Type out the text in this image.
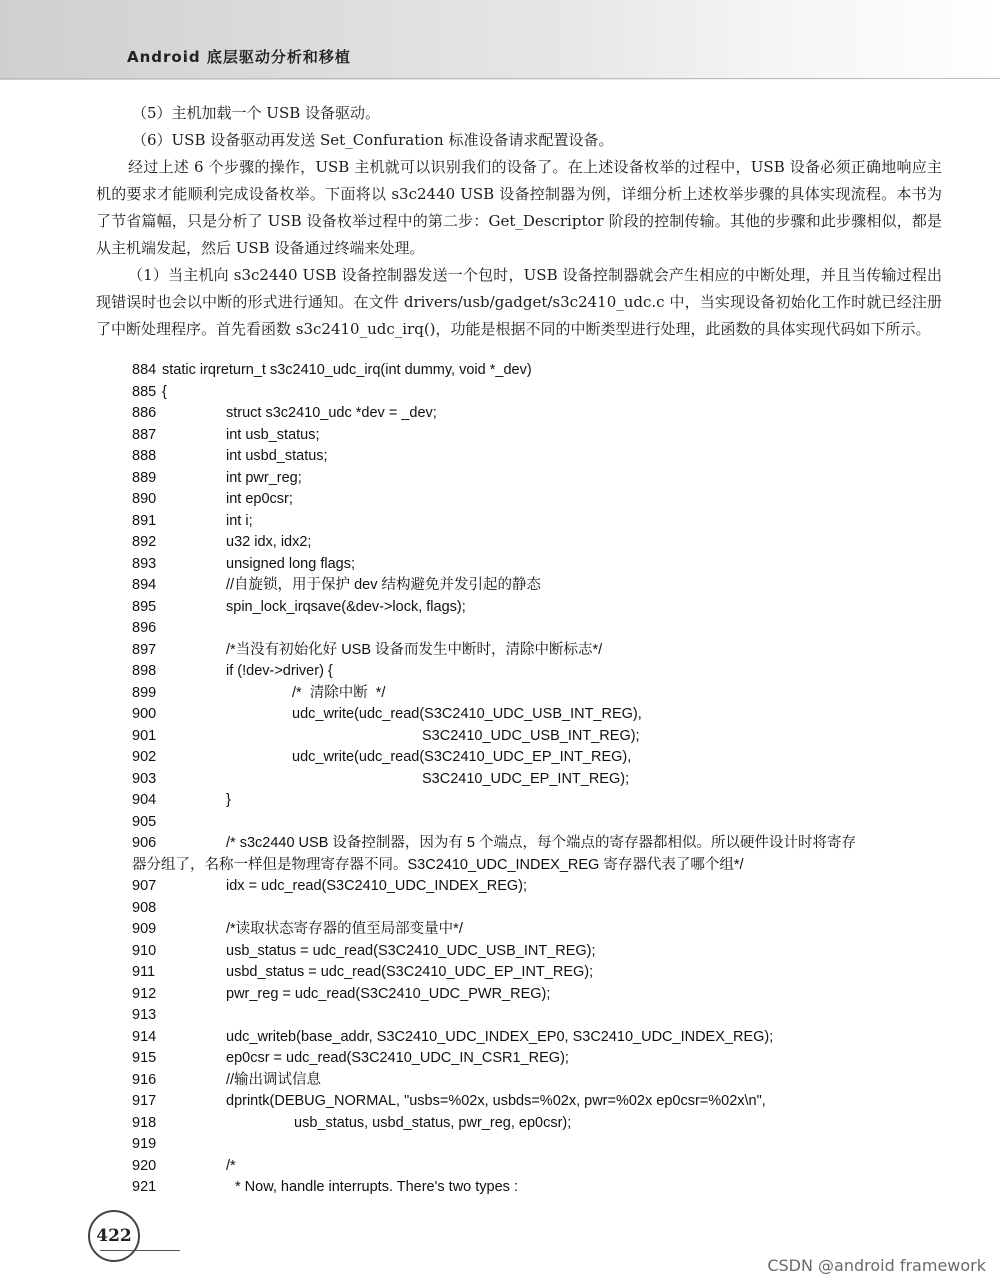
Android 底层驱动分析和移植
（5）主机加载一个 USB 设备驱动。
（6）USB 设备驱动再发送 Set_Confuration 标准设备请求配置设备。
经过上述 6 个步骤的操作，USB 主机就可以识别我们的设备了。在上述设备枚举的过程中，USB 设备必须正确地响应主机的要求才能顺利完成设备枚举。下面将以 s3c2440 USB 设备控制器为例，详细分析上述枚举步骤的具体实现流程。本书为了节省篇幅，只是分析了 USB 设备枚举过程中的第二步：Get_Descriptor 阶段的控制传输。其他的步骤和此步骤相似，都是从主机端发起，然后 USB 设备通过终端来处理。
（1）当主机向 s3c2440 USB 设备控制器发送一个包时，USB 设备控制器就会产生相应的中断处理，并且当传输过程出现错误时也会以中断的形式进行通知。在文件 drivers/usb/gadget/s3c2410_udc.c 中，当实现设备初始化工作时就已经注册了中断处理程序。首先看函数 s3c2410_udc_irq()，功能是根据不同的中断类型进行处理，此函数的具体实现代码如下所示。
884 static irqreturn_t s3c2410_udc_irq(int dummy, void *_dev)
885 {
886	struct s3c2410_udc *dev = _dev;
887	int usb_status;
888	int usbd_status;
889	int pwr_reg;
890	int ep0csr;
891	int i;
892	u32 idx, idx2;
893	unsigned long flags;
894	//自旋锁，用于保护 dev 结构避免并发引起的静态
895	spin_lock_irqsave(&dev->lock, flags);
896
897	/*当没有初始化好 USB 设备而发生中断时，清除中断标志*/
898	if (!dev->driver) {
899	/*  清除中断  */
900	udc_write(udc_read(S3C2410_UDC_USB_INT_REG),
901	S3C2410_UDC_USB_INT_REG);
902	udc_write(udc_read(S3C2410_UDC_EP_INT_REG),
903	S3C2410_UDC_EP_INT_REG);
904	}
905
906	/* s3c2440 USB 设备控制器，因为有 5 个端点，每个端点的寄存器都相似。所以硬件设计时将寄存
器分组了，名称一样但是物理寄存器不同。S3C2410_UDC_INDEX_REG 寄存器代表了哪个组*/
907	idx = udc_read(S3C2410_UDC_INDEX_REG);
908
909	/*读取状态寄存器的值至局部变量中*/
910	usb_status = udc_read(S3C2410_UDC_USB_INT_REG);
911	usbd_status = udc_read(S3C2410_UDC_EP_INT_REG);
912	pwr_reg = udc_read(S3C2410_UDC_PWR_REG);
913
914	udc_writeb(base_addr, S3C2410_UDC_INDEX_EP0, S3C2410_UDC_INDEX_REG);
915	ep0csr = udc_read(S3C2410_UDC_IN_CSR1_REG);
916	//输出调试信息
917	dprintk(DEBUG_NORMAL, "usbs=%02x, usbds=%02x, pwr=%02x ep0csr=%02x\n",
918	usb_status, usbd_status, pwr_reg, ep0csr);
919
920	/*
921	* Now, handle interrupts. There's two types :
422
CSDN @android framework
